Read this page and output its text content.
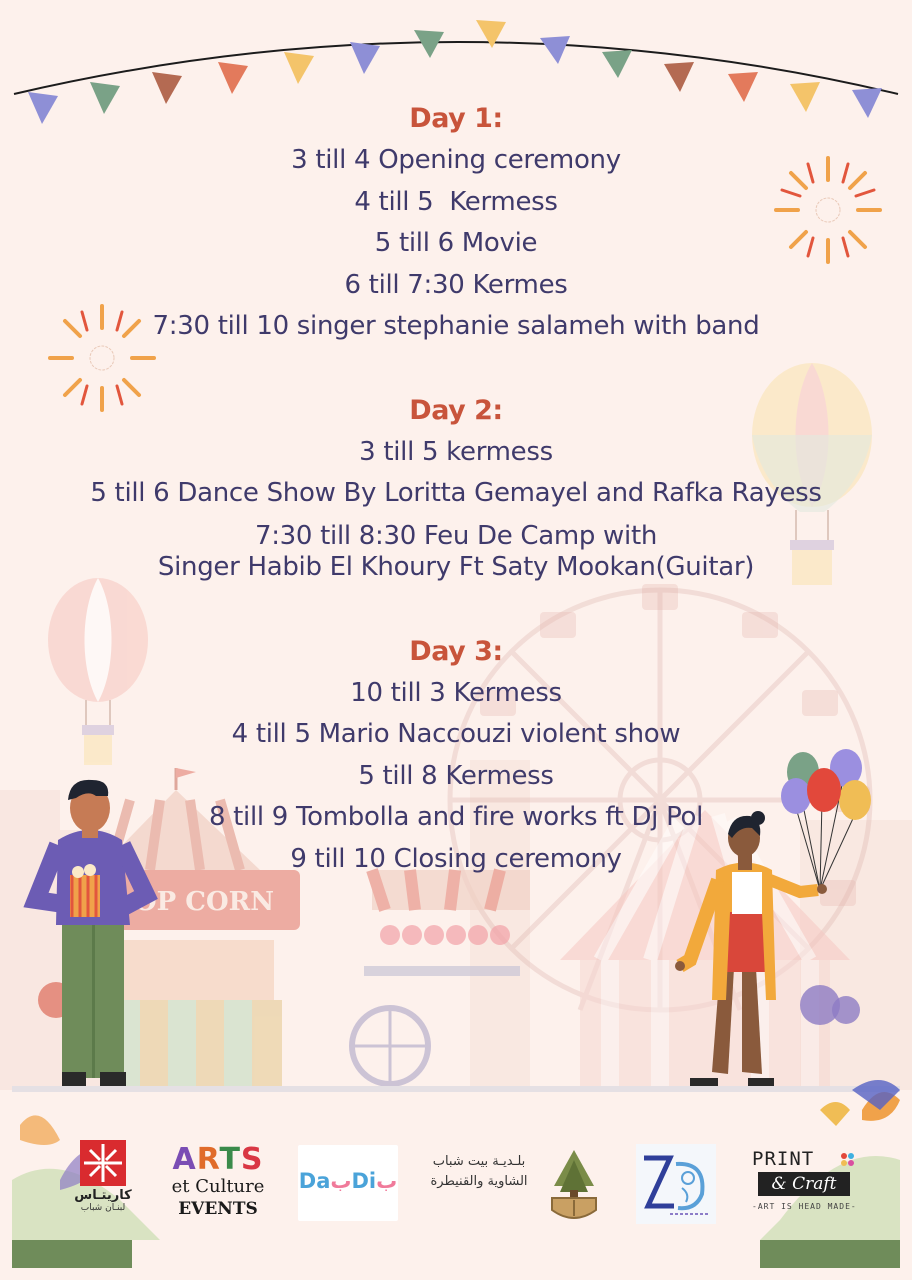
OP CORN
Day 1:
3 till 4 Opening ceremony
4 till 5  Kermess
5 till 6 Movie
6 till 7:30 Kermes
7:30 till 10 singer stephanie salameh with band
Day 2:
3 till 5 kermess
5 till 6 Dance Show By Loritta Gemayel and Rafka Rayess
7:30 till 8:30 Feu De Camp with
Singer Habib El Khoury Ft Saty Mookan(Guitar)
Day 3:
10 till 3 Kermess
4 till 5 Mario Naccouzi violent show
5 till 8 Kermess
8 till 9 Tombolla and fire works ft Dj Pol
9 till 10 Closing ceremony
كاريتـاس
لبنـان شباب
ARTS
et Culture
EVENTS
DaبDiب
بلـديـة بيت شباب
الشاوية والقنيطرة
PRINT
& Craft
-ART IS HEAD MADE-
